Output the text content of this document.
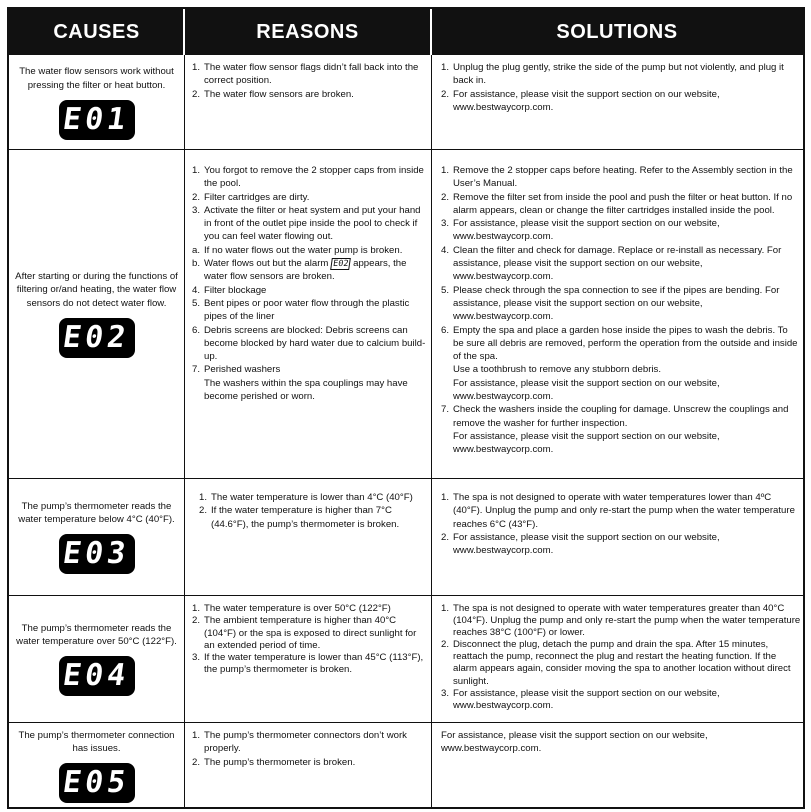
CAUSES	REASONS	SOLUTIONS
The water flow sensors work without pressing the filter or heat button.
E01
1. The water flow sensor flags didn’t fall back into the correct position.
2. The water flow sensors are broken.
1. Unplug the plug gently, strike the side of the pump but not violently, and plug it back in.
2. For assistance, please visit the support section on our website, www.bestwaycorp.com.
After starting or during the functions of filtering or/and heating, the water flow sensors do not detect water flow.
E02
1. You forgot to remove the 2 stopper caps from inside the pool.
2. Filter cartridges are dirty.
3. Activate the filter or heat system and put your hand in front of the outlet pipe inside the pool to check if you can feel water flowing out.
a. If no water flows out the water pump is broken.
b. Water flows out but the alarm E02 appears, the water flow sensors are broken.
4. Filter blockage
5. Bent pipes or poor water flow through the plastic pipes of the liner
6. Debris screens are blocked: Debris screens can become blocked by hard water due to calcium build-up.
7. Perished washers
The washers within the spa couplings may have become perished or worn.
1. Remove the 2 stopper caps before heating. Refer to the Assembly section in the User’s Manual.
2. Remove the filter set from inside the pool and push the filter or heat button. If no alarm appears, clean or change the filter cartridges installed inside the pool.
3. For assistance, please visit the support section on our website, www.bestwaycorp.com.
4. Clean the filter and check for damage. Replace or re-install as necessary. For assistance, please visit the support section on our website, www.bestwaycorp.com.
5. Please check through the spa connection to see if the pipes are bending. For assistance, please visit the support section on our website, www.bestwaycorp.com.
6. Empty the spa and place a garden hose inside the pipes to wash the debris. To be sure all debris are removed, perform the operation from the outside and inside of the spa.
Use a toothbrush to remove any stubborn debris.
For assistance, please visit the support section on our website, www.bestwaycorp.com.
7. Check the washers inside the coupling for damage. Unscrew the couplings and remove the washer for further inspection.
For assistance, please visit the support section on our website, www.bestwaycorp.com.
The pump’s thermometer reads the water temperature below 4°C (40°F).
E03
1. The water temperature is lower than 4°C (40°F)
2. If the water temperature is higher than 7°C (44.6°F), the pump’s thermometer is broken.
1. The spa is not designed to operate with water temperatures lower than 4ºC (40°F). Unplug the pump and only re-start the pump when the water temperature reaches 6°C (43°F).
2. For assistance, please visit the support section on our website, www.bestwaycorp.com.
The pump’s thermometer reads the water temperature over 50°C (122°F).
E04
1. The water temperature is over 50°C (122°F)
2. The ambient temperature is higher than 40°C (104°F) or the spa is exposed to direct sunlight for an extended period of time.
3. If the water temperature is lower than 45°C (113°F), the pump’s thermometer is broken.
1. The spa is not designed to operate with water temperatures greater than 40°C (104°F). Unplug the pump and only re-start the pump when the water temperature reaches 38°C (100°F) or lower.
2. Disconnect the plug, detach the pump and drain the spa. After 15 minutes, reattach the pump, reconnect the plug and restart the heating function. If the alarm appears again, consider moving the spa to another location without direct sunlight.
3. For assistance, please visit the support section on our website, www.bestwaycorp.com.
The pump’s thermometer connection has issues.
E05
1. The pump’s thermometer connectors don’t work properly.
2. The pump’s thermometer is broken.
For assistance, please visit the support section on our website, www.bestwaycorp.com.
